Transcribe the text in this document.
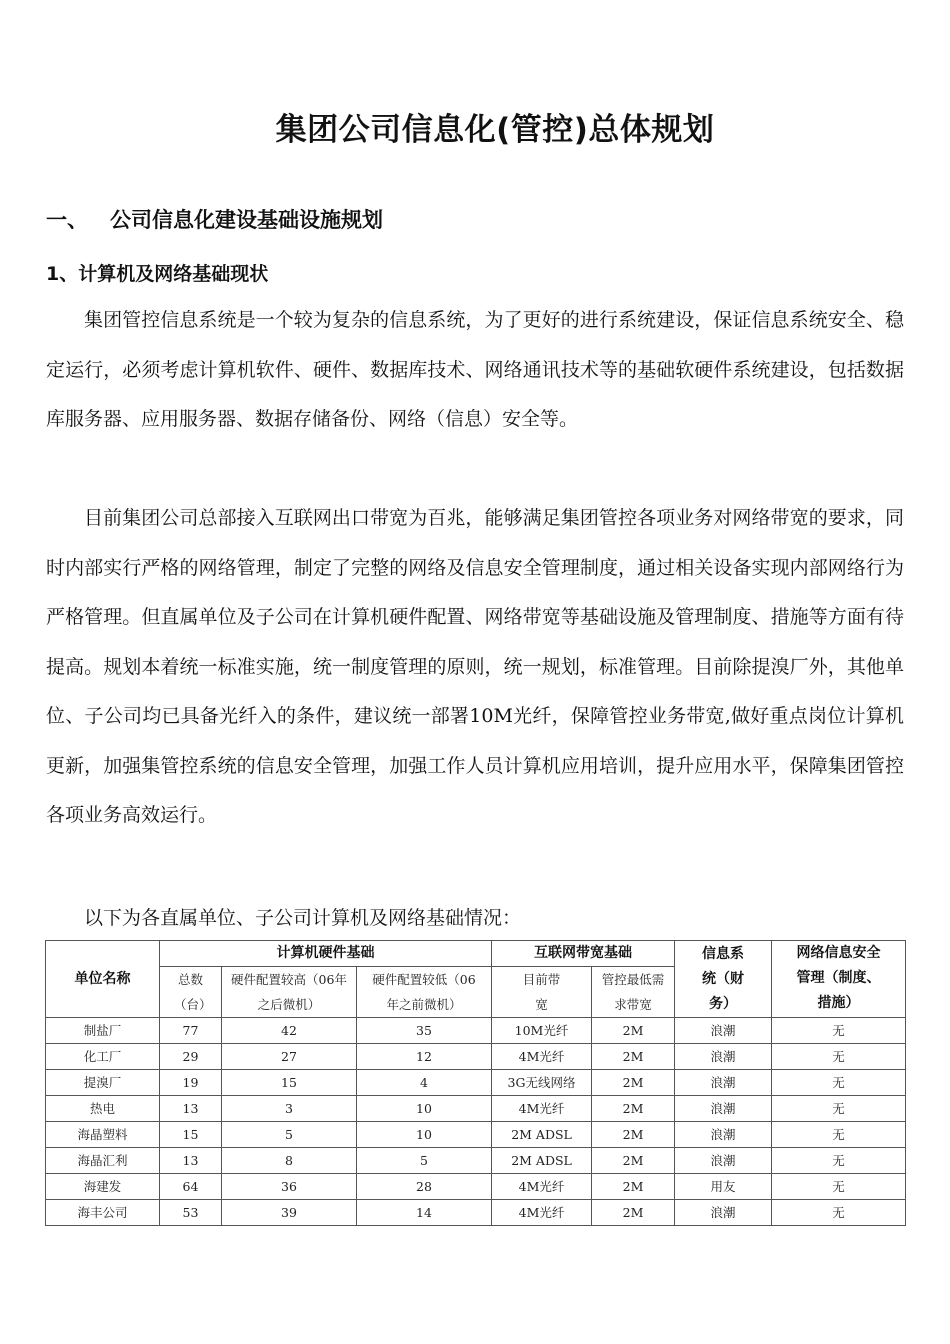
集团公司信息化(管控)总体规划
一、 公司信息化建设基础设施规划
1、计算机及网络基础现状

集团管控信息系统是一个较为复杂的信息系统，为了更好的进行系统建设，保证信息系统安全、稳定运行，必须考虑计算机软件、硬件、数据库技术、网络通讯技术等的基础软硬件系统建设，包括数据库服务器、应用服务器、数据存储备份、网络（信息）安全等。

目前集团公司总部接入互联网出口带宽为百兆，能够满足集团管控各项业务对网络带宽的要求，同时内部实行严格的网络管理，制定了完整的网络及信息安全管理制度，通过相关设备实现内部网络行为严格管理。但直属单位及子公司在计算机硬件配置、网络带宽等基础设施及管理制度、措施等方面有待提高。规划本着统一标准实施，统一制度管理的原则，统一规划，标准管理。目前除提溴厂外，其他单位、子公司均已具备光纤入的条件，建议统一部署10M光纤，保障管控业务带宽,做好重点岗位计算机更新，加强集管控系统的信息安全管理，加强工作人员计算机应用培训，提升应用水平，保障集团管控各项业务高效运行。

以下为各直属单位、子公司计算机及网络基础情况：

单位名称	计算机硬件基础			互联网带宽基础		信息系统（财务）	网络信息安全管理（制度、措施）
	总数（台）	硬件配置较高（06年之后微机）	硬件配置较低（06年之前微机）	目前带宽	管控最低需求带宽		
制盐厂	77	42	35	10M光纤	2M	浪潮	无
化工厂	29	27	12	4M光纤	2M	浪潮	无
提溴厂	19	15	4	3G无线网络	2M	浪潮	无
热电	13	3	10	4M光纤	2M	浪潮	无
海晶塑料	15	5	10	2M ADSL	2M	浪潮	无
海晶汇利	13	8	5	2M ADSL	2M	浪潮	无
海建发	64	36	28	4M光纤	2M	用友	无
海丰公司	53	39	14	4M光纤	2M	浪潮	无
